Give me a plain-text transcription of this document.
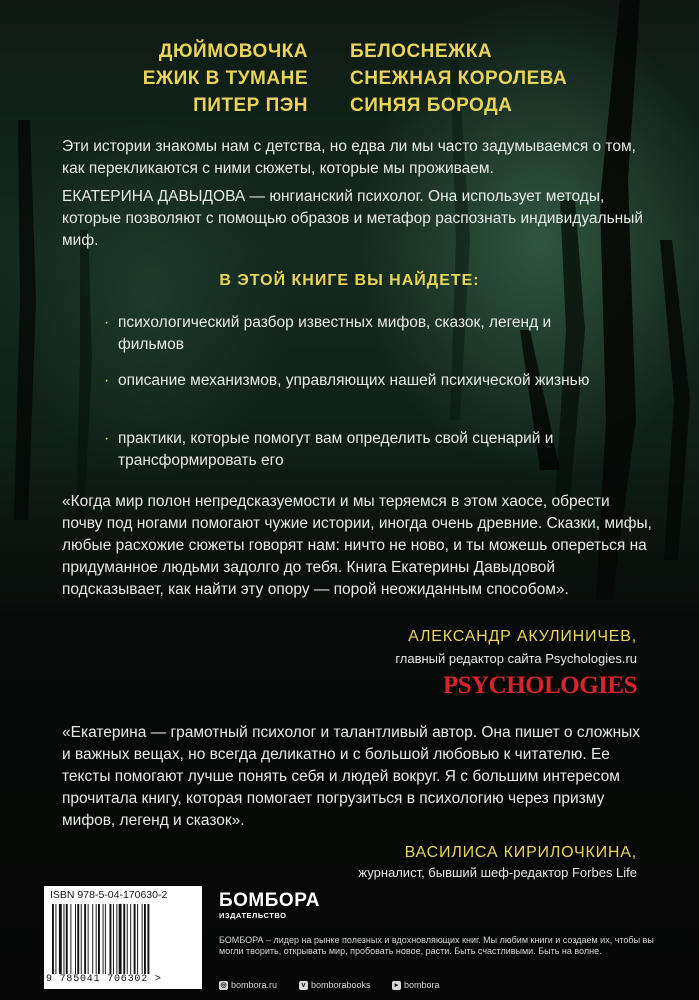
ДЮЙМОВОЧКА БЕЛОСНЕЖКА
ЕЖИК В ТУМАНЕ СНЕЖНАЯ КОРОЛЕВА
ПИТЕР ПЭН СИНЯЯ БОРОДА
Эти истории знакомы нам с детства, но едва ли мы часто задумываемся о том, как перекликаются с ними сюжеты, которые мы проживаем.
ЕКАТЕРИНА ДАВЫДОВА — юнгианский психолог. Она использует методы, которые позволяют с помощью образов и метафор распознать индивидуальный миф.
В ЭТОЙ КНИГЕ ВЫ НАЙДЕТЕ:
· психологический разбор известных мифов, сказок, легенд и фильмов
· описание механизмов, управляющих нашей психической жизнью
· практики, которые помогут вам определить свой сценарий и трансформировать его
«Когда мир полон непредсказуемости и мы теряемся в этом хаосе, обрести почву под ногами помогают чужие истории, иногда очень древние. Сказки, мифы, любые расхожие сюжеты говорят нам: ничто не ново, и ты можешь опереться на придуманное людьми задолго до тебя. Книга Екатерины Давыдовой подсказывает, как найти эту опору — порой неожиданным способом».
АЛЕКСАНДР АКУЛИНИЧЕВ,
главный редактор сайта Psychologies.ru
PSYCHOLOGIES
«Екатерина — грамотный психолог и талантливый автор. Она пишет о сложных и важных вещах, но всегда деликатно и с большой любовью к читателю. Ее тексты помогают лучше понять себя и людей вокруг. Я с большим интересом прочитала книгу, которая помогает погрузиться в психологию через призму мифов, легенд и сказок».
ВАСИЛИСА КИРИЛОЧКИНА,
журналист, бывший шеф-редактор Forbes Life
ISBN 978-5-04-170630-2
9 785041 706302 >
БОМБОРА
ИЗДАТЕЛЬСТВО
БОМБОРА – лидер на рынке полезных и вдохновляющих книг. Мы любим книги и создаем их, чтобы вы могли творить, открывать мир, пробовать новое, расти. Быть счастливыми. Быть на волне.
◎ bombora.ru	v bomborabooks	▸ bombora
